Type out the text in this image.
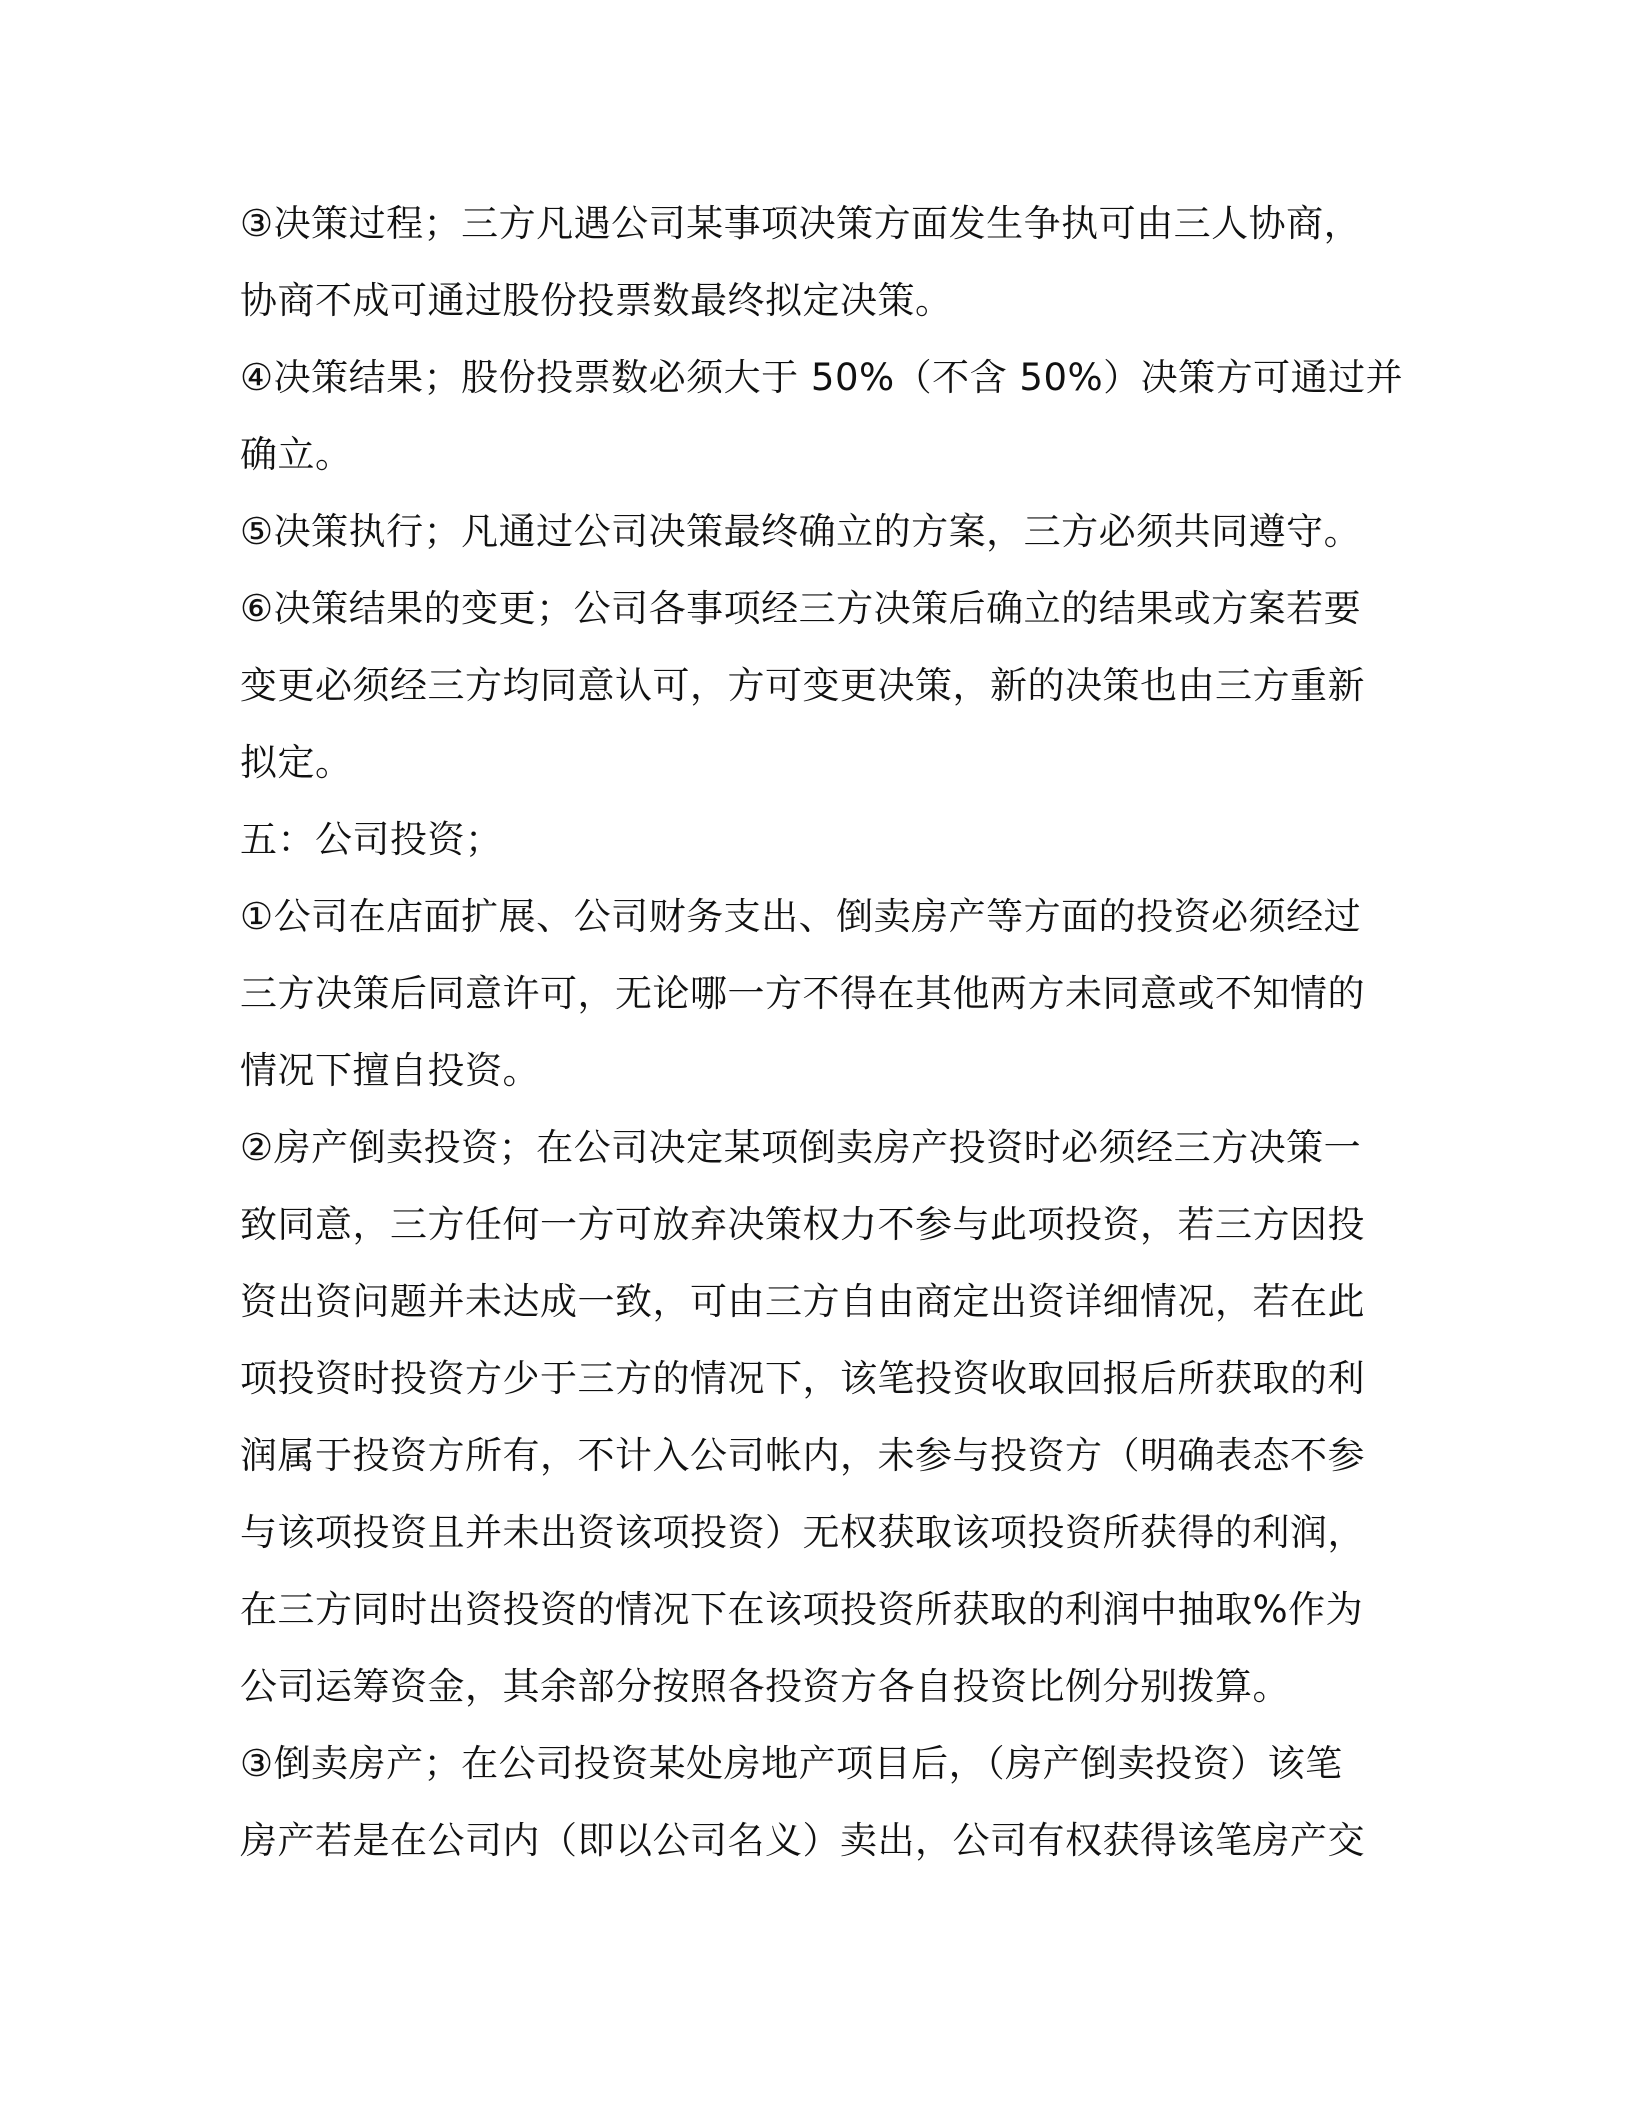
③决策过程；三方凡遇公司某事项决策方面发生争执可由三人协商，
协商不成可通过股份投票数最终拟定决策。
④决策结果；股份投票数必须大于 50%（不含 50%）决策方可通过并
确立。
⑤决策执行；凡通过公司决策最终确立的方案，三方必须共同遵守。
⑥决策结果的变更；公司各事项经三方决策后确立的结果或方案若要
变更必须经三方均同意认可，方可变更决策，新的决策也由三方重新
拟定。
五：公司投资；
①公司在店面扩展、公司财务支出、倒卖房产等方面的投资必须经过
三方决策后同意许可，无论哪一方不得在其他两方未同意或不知情的
情况下擅自投资。
②房产倒卖投资；在公司决定某项倒卖房产投资时必须经三方决策一
致同意，三方任何一方可放弃决策权力不参与此项投资，若三方因投
资出资问题并未达成一致，可由三方自由商定出资详细情况，若在此
项投资时投资方少于三方的情况下，该笔投资收取回报后所获取的利
润属于投资方所有，不计入公司帐内，未参与投资方（明确表态不参
与该项投资且并未出资该项投资）无权获取该项投资所获得的利润，
在三方同时出资投资的情况下在该项投资所获取的利润中抽取%作为
公司运筹资金，其余部分按照各投资方各自投资比例分别拨算。
③倒卖房产；在公司投资某处房地产项目后，（房产倒卖投资）该笔
房产若是在公司内（即以公司名义）卖出，公司有权获得该笔房产交
